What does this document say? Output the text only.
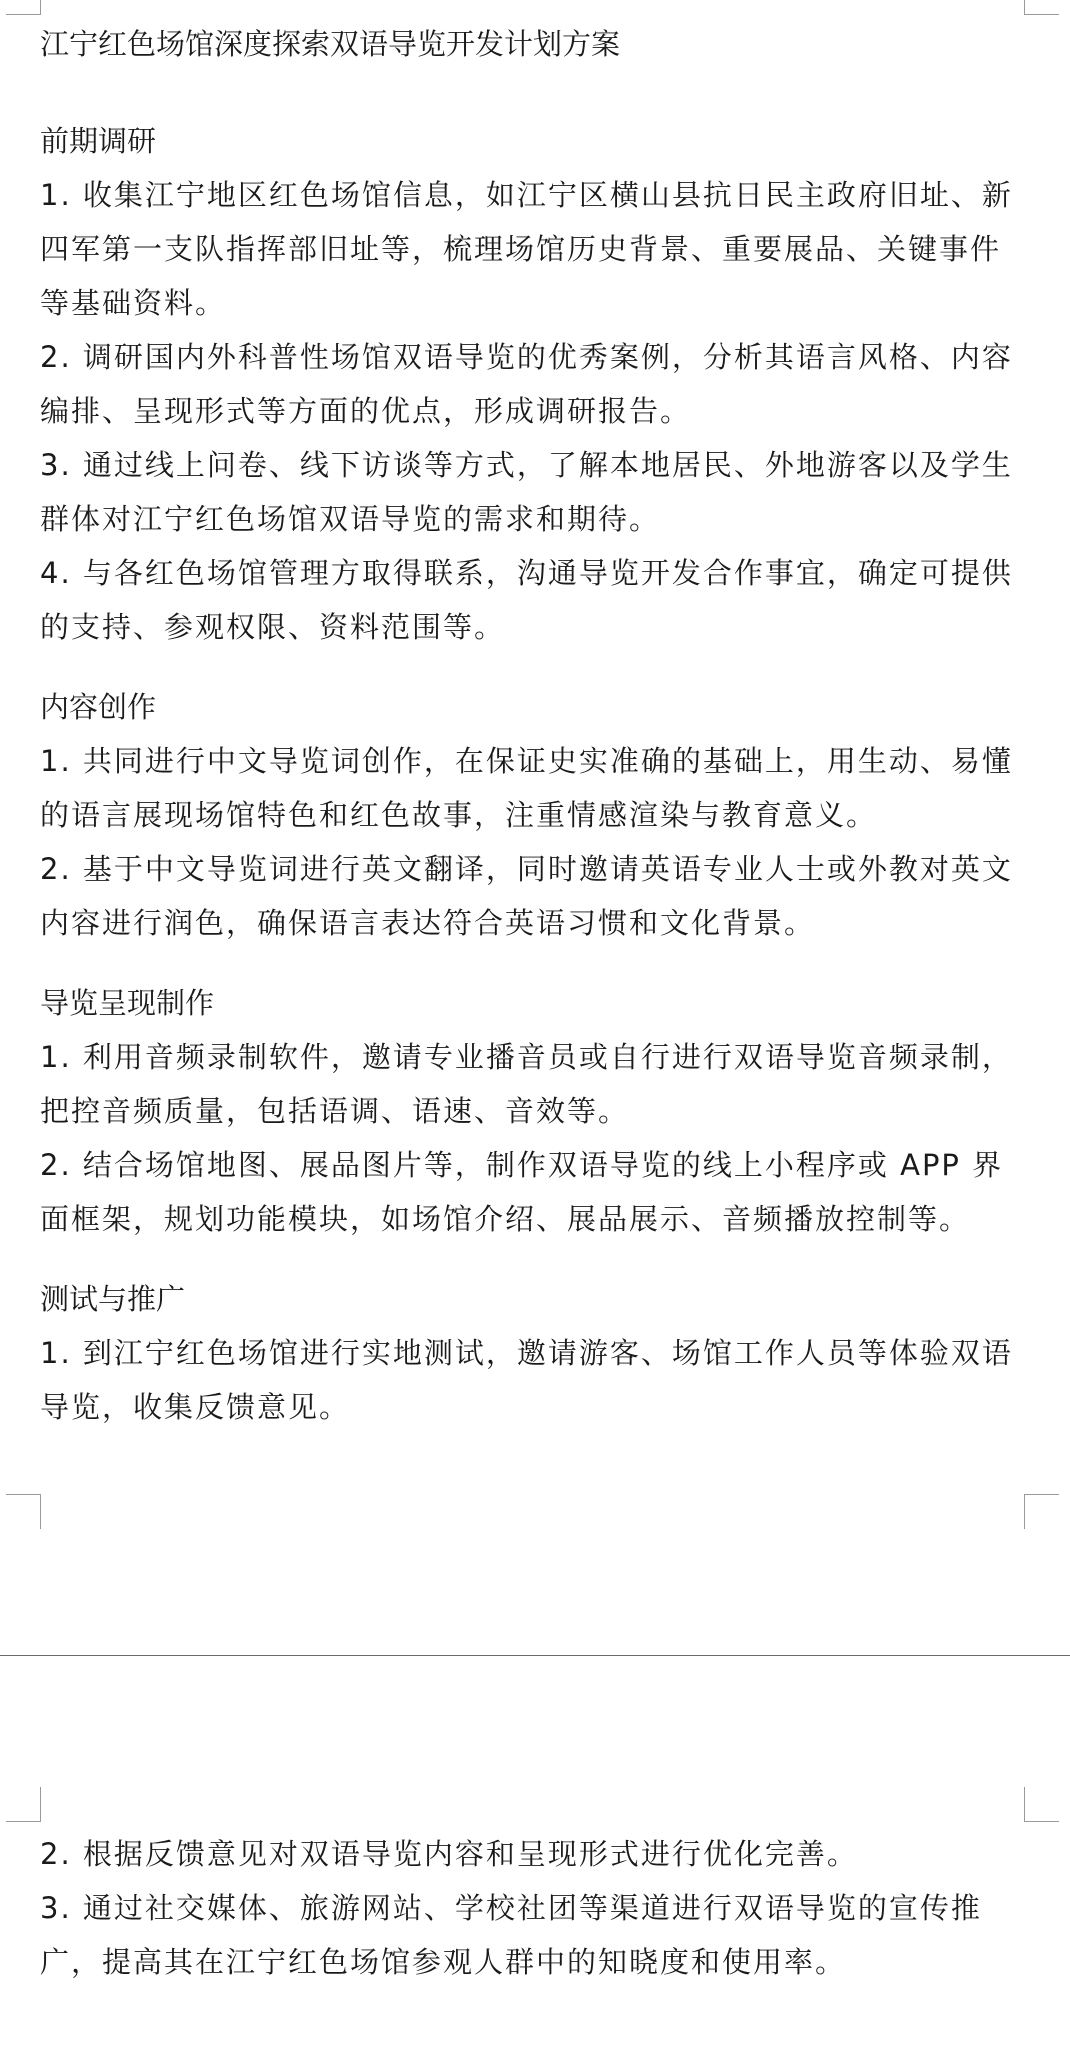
江宁红色场馆深度探索双语导览开发计划方案
前期调研
1. 收集江宁地区红色场馆信息，如江宁区横山县抗日民主政府旧址、新四军第一支队指挥部旧址等，梳理场馆历史背景、重要展品、关键事件等基础资料。
2. 调研国内外科普性场馆双语导览的优秀案例，分析其语言风格、内容编排、呈现形式等方面的优点，形成调研报告。
3. 通过线上问卷、线下访谈等方式，了解本地居民、外地游客以及学生群体对江宁红色场馆双语导览的需求和期待。
4. 与各红色场馆管理方取得联系，沟通导览开发合作事宜，确定可提供的支持、参观权限、资料范围等。
内容创作
1. 共同进行中文导览词创作，在保证史实准确的基础上，用生动、易懂的语言展现场馆特色和红色故事，注重情感渲染与教育意义。
2. 基于中文导览词进行英文翻译，同时邀请英语专业人士或外教对英文内容进行润色，确保语言表达符合英语习惯和文化背景。
导览呈现制作
1. 利用音频录制软件，邀请专业播音员或自行进行双语导览音频录制，把控音频质量，包括语调、语速、音效等。
2. 结合场馆地图、展品图片等，制作双语导览的线上小程序或 APP 界面框架，规划功能模块，如场馆介绍、展品展示、音频播放控制等。
测试与推广
1. 到江宁红色场馆进行实地测试，邀请游客、场馆工作人员等体验双语导览，收集反馈意见。
2. 根据反馈意见对双语导览内容和呈现形式进行优化完善。
3. 通过社交媒体、旅游网站、学校社团等渠道进行双语导览的宣传推广，提高其在江宁红色场馆参观人群中的知晓度和使用率。
